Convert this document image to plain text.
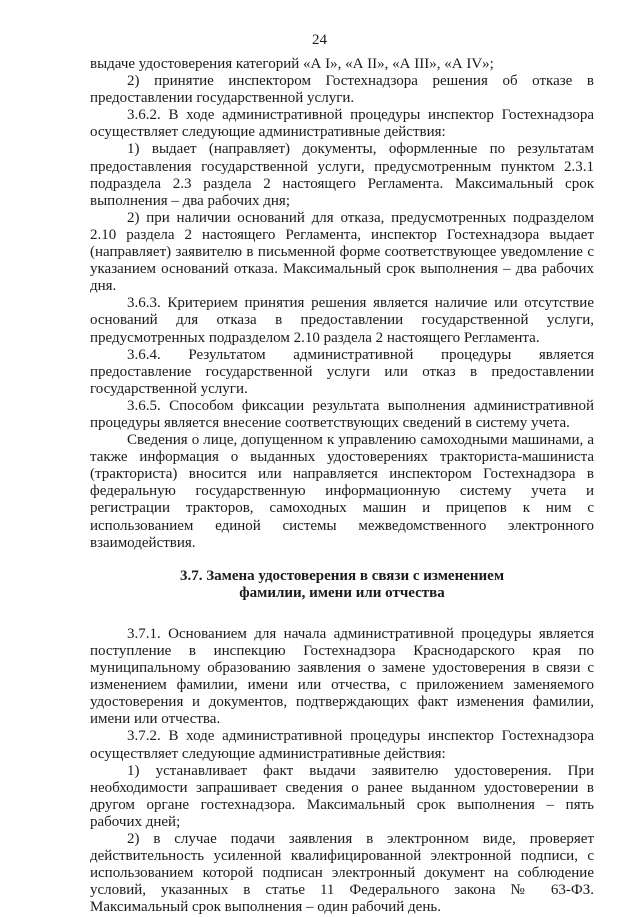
24

выдаче удостоверения категорий «А I», «А II», «А III», «А IV»;

2) принятие инспектором Гостехнадзора решения об отказе в предоставлении государственной услуги.

3.6.2. В ходе административной процедуры инспектор Гостехнадзора осуществляет следующие административные действия:

1) выдает (направляет) документы, оформленные по результатам предоставления государственной услуги, предусмотренным пунктом 2.3.1 подраздела 2.3 раздела 2 настоящего Регламента. Максимальный срок выполнения – два рабочих дня;

2) при наличии оснований для отказа, предусмотренных подразделом 2.10 раздела 2 настоящего Регламента, инспектор Гостехнадзора выдает (направляет) заявителю в письменной форме соответствующее уведомление с указанием оснований отказа. Максимальный срок выполнения – два рабочих дня.

3.6.3. Критерием принятия решения является наличие или отсутствие оснований для отказа в предоставлении государственной услуги, предусмотренных подразделом 2.10 раздела 2 настоящего Регламента.

3.6.4. Результатом административной процедуры является предоставление государственной услуги или отказ в предоставлении государственной услуги.

3.6.5. Способом фиксации результата выполнения административной процедуры является внесение соответствующих сведений в систему учета.

Сведения о лице, допущенном к управлению самоходными машинами, а также информация о выданных удостоверениях тракториста-машиниста (тракториста) вносится или направляется инспектором Гостехнадзора в федеральную государственную информационную систему учета и регистрации тракторов, самоходных машин и прицепов к ним с использованием единой системы межведомственного электронного взаимодействия.

3.7. Замена удостоверения в связи с изменением
фамилии, имени или отчества

3.7.1. Основанием для начала административной процедуры является поступление в инспекцию Гостехнадзора Краснодарского края по муниципальному образованию заявления о замене удостоверения в связи с изменением фамилии, имени или отчества, с приложением заменяемого удостоверения и документов, подтверждающих факт изменения фамилии, имени или отчества.

3.7.2. В ходе административной процедуры инспектор Гостехнадзора осуществляет следующие административные действия:

1) устанавливает факт выдачи заявителю удостоверения. При необходимости запрашивает сведения о ранее выданном удостоверении в другом органе гостехнадзора. Максимальный срок выполнения – пять рабочих дней;

2) в случае подачи заявления в электронном виде, проверяет действительность усиленной квалифицированной электронной подписи, с использованием которой подписан электронный документ на соблюдение условий, указанных в статье 11 Федерального закона № 63-ФЗ. Максимальный срок выполнения – один рабочий день.
